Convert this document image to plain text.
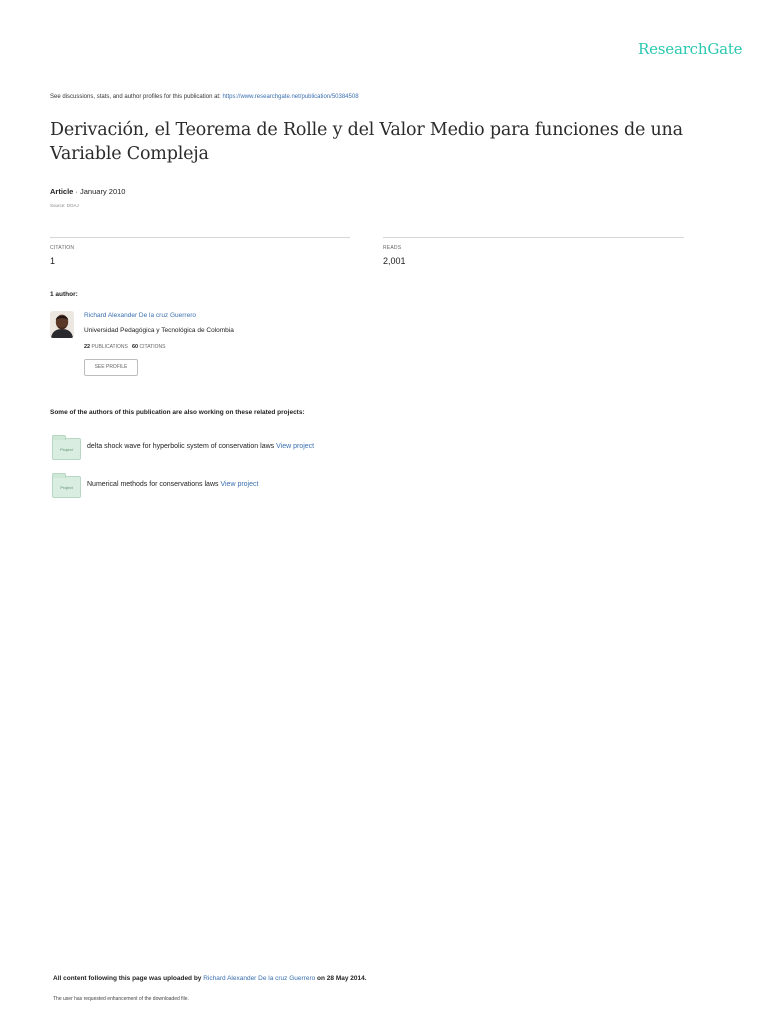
ResearchGate
See discussions, stats, and author profiles for this publication at: https://www.researchgate.net/publication/50384508
Derivación, el Teorema de Rolle y del Valor Medio para funciones de una Variable Compleja
Article · January 2010
Source: DOAJ
CITATION
1
READS
2,001
1 author:
Richard Alexander De la cruz Guerrero
Universidad Pedagógica y Tecnológica de Colombia
22 PUBLICATIONS 60 CITATIONS
SEE PROFILE
Some of the authors of this publication are also working on these related projects:
Project	delta shock wave for hyperbolic system of conservation laws View project
Project	Numerical methods for conservations laws View project
All content following this page was uploaded by Richard Alexander De la cruz Guerrero on 28 May 2014.
The user has requested enhancement of the downloaded file.
